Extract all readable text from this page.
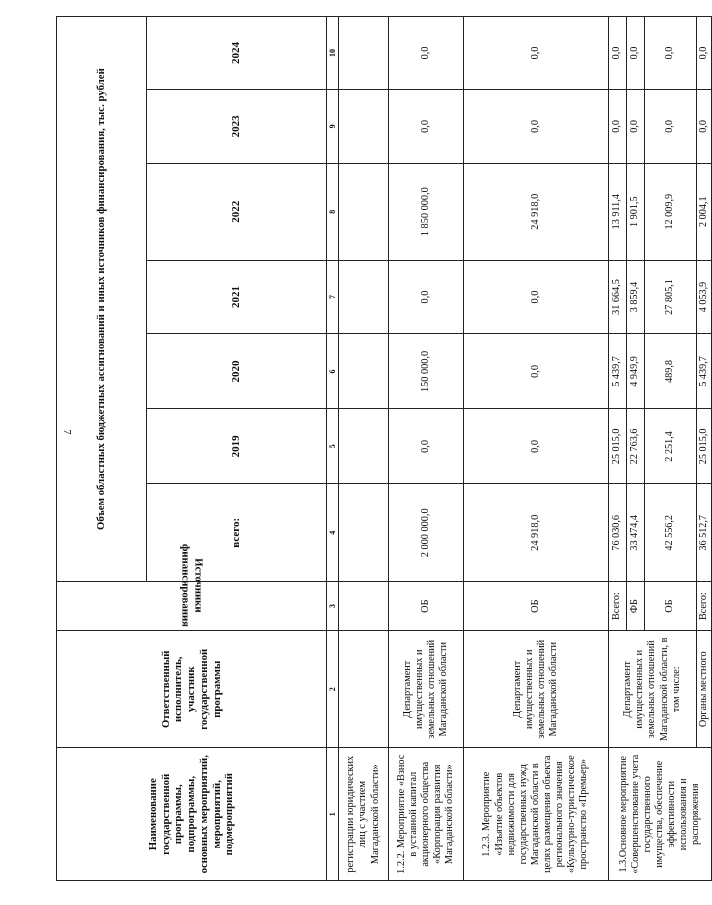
7
Наименование государственной программы, подпрограммы, основных мероприятий, мероприятий, подмероприятий	Ответственный исполнитель, участник государственной программы	Источники финансирования	Объем областных бюджетных ассигнований и иных источников финансирования, тыс. рублей						
			всего:	2019	2020	2021	2022	2023	2024
1	2	3	4	5	6	7	8	9	10
регистрации юридических лиц с участием Магаданской области»									
1.2.2. Мероприятие «Взнос в уставной капитал акционерного общества «Корпорация развития Магаданской области»	Департамент имущественных и земельных отношений Магаданской области	ОБ	2 000 000,0	0,0	150 000,0	0,0	1 850 000,0	0,0	0,0
1.2.3. Мероприятие «Изъятие объектов недвижимости для государственных нужд Магаданской области в целях размещения объекта регионального значения «Культурно-туристическое пространство «Премьер»	Департамент имущественных и земельных отношений Магаданской области	ОБ	24 918,0	0,0	0,0	0,0	24 918,0	0,0	0,0
1.3.Основное мероприятие «Совершенствование учета государственного имущества, обеспечение эффективности использования и распоряжения	Департамент имущественных и земельных отношений Магаданской области, в том числе:	Всего:	76 030,6	25 015,0	5 439,7	31 664,5	13 911,4	0,0	0,0
		ФБ	33 474,4	22 763,6	4 949,9	3 859,4	1 901,5	0,0	0,0
		ОБ	42 556,2	2 251,4	489,8	27 805,1	12 009,9	0,0	0,0
	Органы местного	Всего:	36 512,7	25 015,0	5 439,7	4 053,9	2 004,1	0,0	0,0
